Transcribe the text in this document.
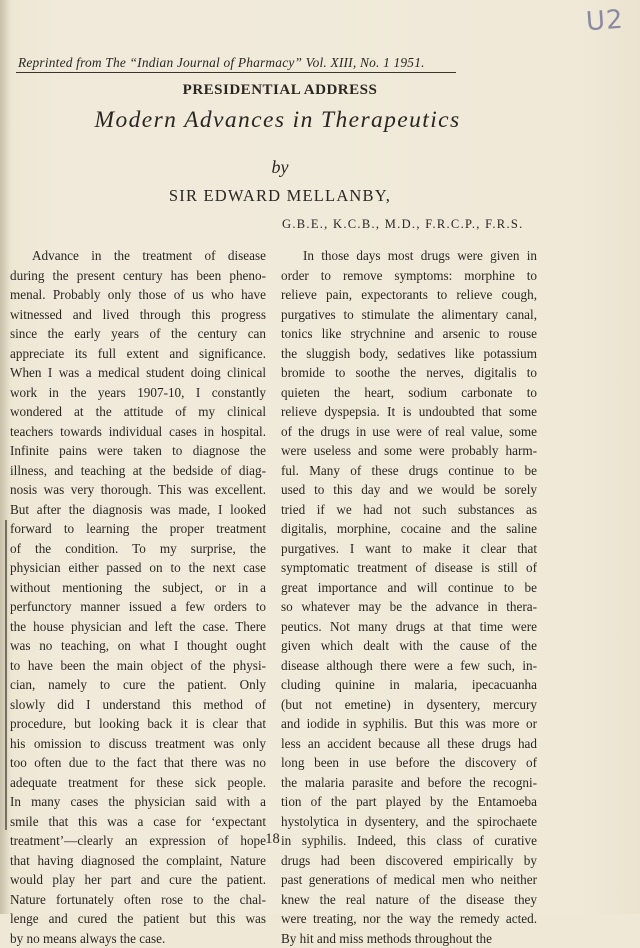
U2
Reprinted from The “Indian Journal of Pharmacy” Vol. XIII, No. 1 1951.
PRESIDENTIAL ADDRESS
Modern Advances in Therapeutics
by
SIR EDWARD MELLANBY,
G.B.E., K.C.B., M.D., F.R.C.P., F.R.S.
Advance in the treatment of disease
during the present century has been pheno-
menal. Probably only those of us who have
witnessed and lived through this progress
since the early years of the century can
appreciate its full extent and significance.
When I was a medical student doing clinical
work in the years 1907-10, I constantly
wondered at the attitude of my clinical
teachers towards individual cases in hospital.
Infinite pains were taken to diagnose the
illness, and teaching at the bedside of diag-
nosis was very thorough. This was excellent.
But after the diagnosis was made, I looked
forward to learning the proper treatment
of the condition. To my surprise, the
physician either passed on to the next case
without mentioning the subject, or in a
perfunctory manner issued a few orders to
the house physician and left the case. There
was no teaching, on what I thought ought
to have been the main object of the physi-
cian, namely to cure the patient. Only
slowly did I understand this method of
procedure, but looking back it is clear that
his omission to discuss treatment was only
too often due to the fact that there was no
adequate treatment for these sick people.
In many cases the physician said with a
smile that this was a case for ‘expectant
treatment’—clearly an expression of hope
that having diagnosed the complaint, Nature
would play her part and cure the patient.
Nature fortunately often rose to the chal-
lenge and cured the patient but this was
by no means always the case.
In those days most drugs were given in
order to remove symptoms: morphine to
relieve pain, expectorants to relieve cough,
purgatives to stimulate the alimentary canal,
tonics like strychnine and arsenic to rouse
the sluggish body, sedatives like potassium
bromide to soothe the nerves, digitalis to
quieten the heart, sodium carbonate to
relieve dyspepsia. It is undoubted that some
of the drugs in use were of real value, some
were useless and some were probably harm-
ful. Many of these drugs continue to be
used to this day and we would be sorely
tried if we had not such substances as
digitalis, morphine, cocaine and the saline
purgatives. I want to make it clear that
symptomatic treatment of disease is still of
great importance and will continue to be
so whatever may be the advance in thera-
peutics. Not many drugs at that time were
given which dealt with the cause of the
disease although there were a few such, in-
cluding quinine in malaria, ipecacuanha
(but not emetine) in dysentery, mercury
and iodide in syphilis. But this was more or
less an accident because all these drugs had
long been in use before the discovery of
the malaria parasite and before the recogni-
tion of the part played by the Entamoeba
hystolytica in dysentery, and the spirochaete
in syphilis. Indeed, this class of curative
drugs had been discovered empirically by
past generations of medical men who neither
knew the real nature of the disease they
were treating, nor the way the remedy acted.
By hit and miss methods throughout the
18
